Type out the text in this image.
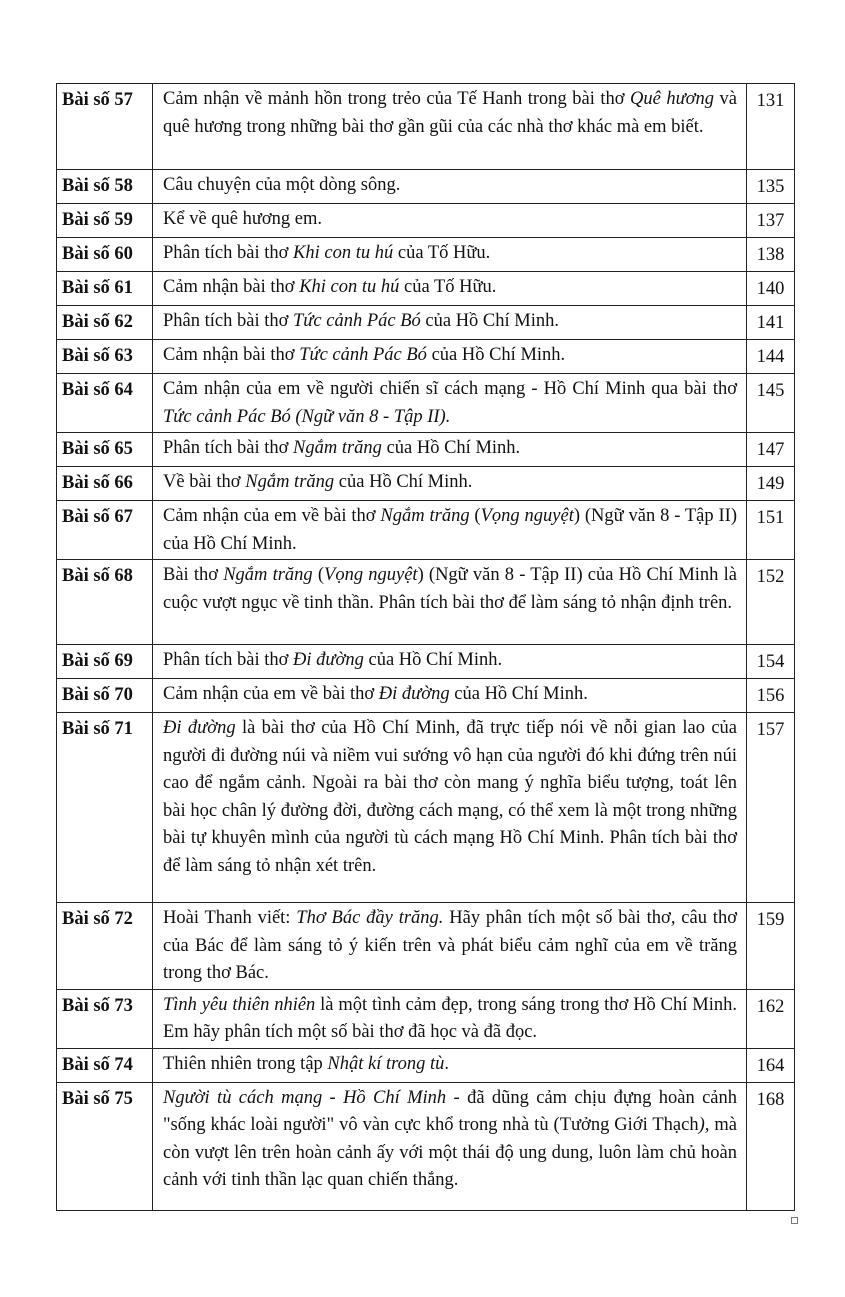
Bài số 57	Cảm nhận về mảnh hồn trong trẻo của Tế Hanh trong bài thơ Quê hương và quê hương trong những bài thơ gần gũi của các nhà thơ khác mà em biết.	131
Bài số 58	Câu chuyện của một dòng sông.	135
Bài số 59	Kể về quê hương em.	137
Bài số 60	Phân tích bài thơ Khi con tu hú của Tố Hữu.	138
Bài số 61	Cảm nhận bài thơ Khi con tu hú của Tố Hữu.	140
Bài số 62	Phân tích bài thơ Tức cảnh Pác Bó của Hồ Chí Minh.	141
Bài số 63	Cảm nhận bài thơ Tức cảnh Pác Bó của Hồ Chí Minh.	144
Bài số 64	Cảm nhận của em về người chiến sĩ cách mạng - Hồ Chí Minh qua bài thơ Tức cảnh Pác Bó (Ngữ văn 8 - Tập II).	145
Bài số 65	Phân tích bài thơ Ngắm trăng của Hồ Chí Minh.	147
Bài số 66	Về bài thơ Ngắm trăng của Hồ Chí Minh.	149
Bài số 67	Cảm nhận của em về bài thơ Ngắm trăng (Vọng nguyệt) (Ngữ văn 8 - Tập II) của Hồ Chí Minh.	151
Bài số 68	Bài thơ Ngắm trăng (Vọng nguyệt) (Ngữ văn 8 - Tập II) của Hồ Chí Minh là cuộc vượt ngục về tinh thần. Phân tích bài thơ để làm sáng tỏ nhận định trên.	152
Bài số 69	Phân tích bài thơ Đi đường của Hồ Chí Minh.	154
Bài số 70	Cảm nhận của em về bài thơ Đi đường của Hồ Chí Minh.	156
Bài số 71	Đi đường là bài thơ của Hồ Chí Minh, đã trực tiếp nói về nỗi gian lao của người đi đường núi và niềm vui sướng vô hạn của người đó khi đứng trên núi cao để ngắm cảnh. Ngoài ra bài thơ còn mang ý nghĩa biểu tượng, toát lên bài học chân lý đường đời, đường cách mạng, có thể xem là một trong những bài tự khuyên mình của người tù cách mạng Hồ Chí Minh. Phân tích bài thơ để làm sáng tỏ nhận xét trên.	157
Bài số 72	Hoài Thanh viết: Thơ Bác đầy trăng. Hãy phân tích một số bài thơ, câu thơ của Bác để làm sáng tỏ ý kiến trên và phát biểu cảm nghĩ của em về trăng trong thơ Bác.	159
Bài số 73	Tình yêu thiên nhiên là một tình cảm đẹp, trong sáng trong thơ Hồ Chí Minh. Em hãy phân tích một số bài thơ đã học và đã đọc.	162
Bài số 74	Thiên nhiên trong tập Nhật kí trong tù.	164
Bài số 75	Người tù cách mạng - Hồ Chí Minh - đã dũng cảm chịu đựng hoàn cảnh "sống khác loài người" vô vàn cực khổ trong nhà tù (Tưởng Giới Thạch), mà còn vượt lên trên hoàn cảnh ấy với một thái độ ung dung, luôn làm chủ hoàn cảnh với tinh thần lạc quan chiến thắng.	168
